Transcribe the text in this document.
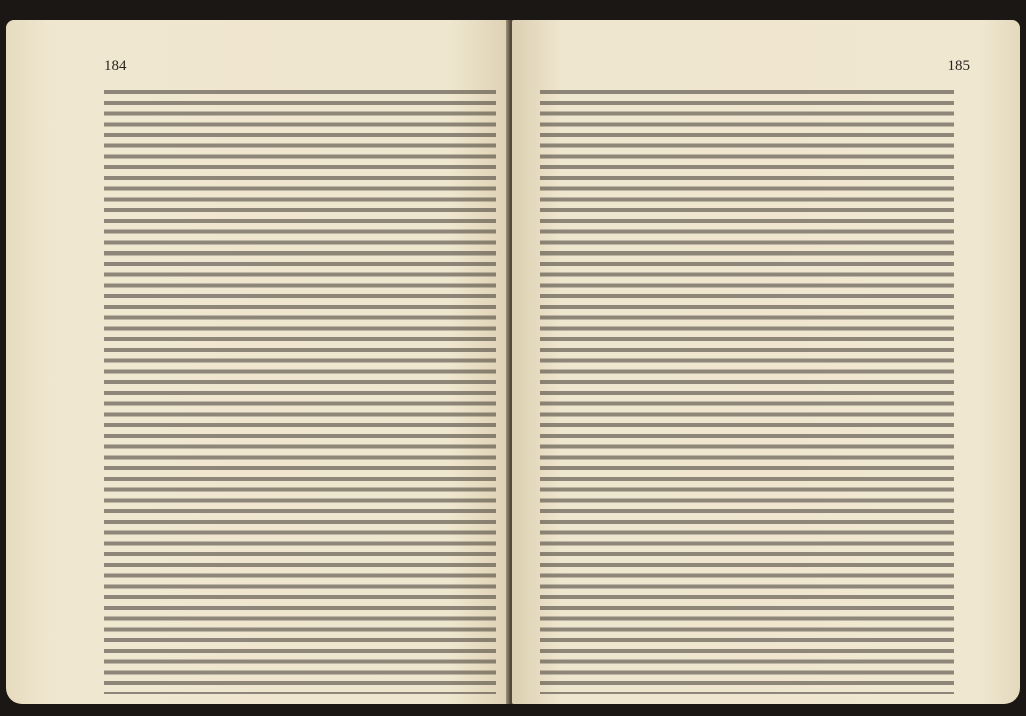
184	185
